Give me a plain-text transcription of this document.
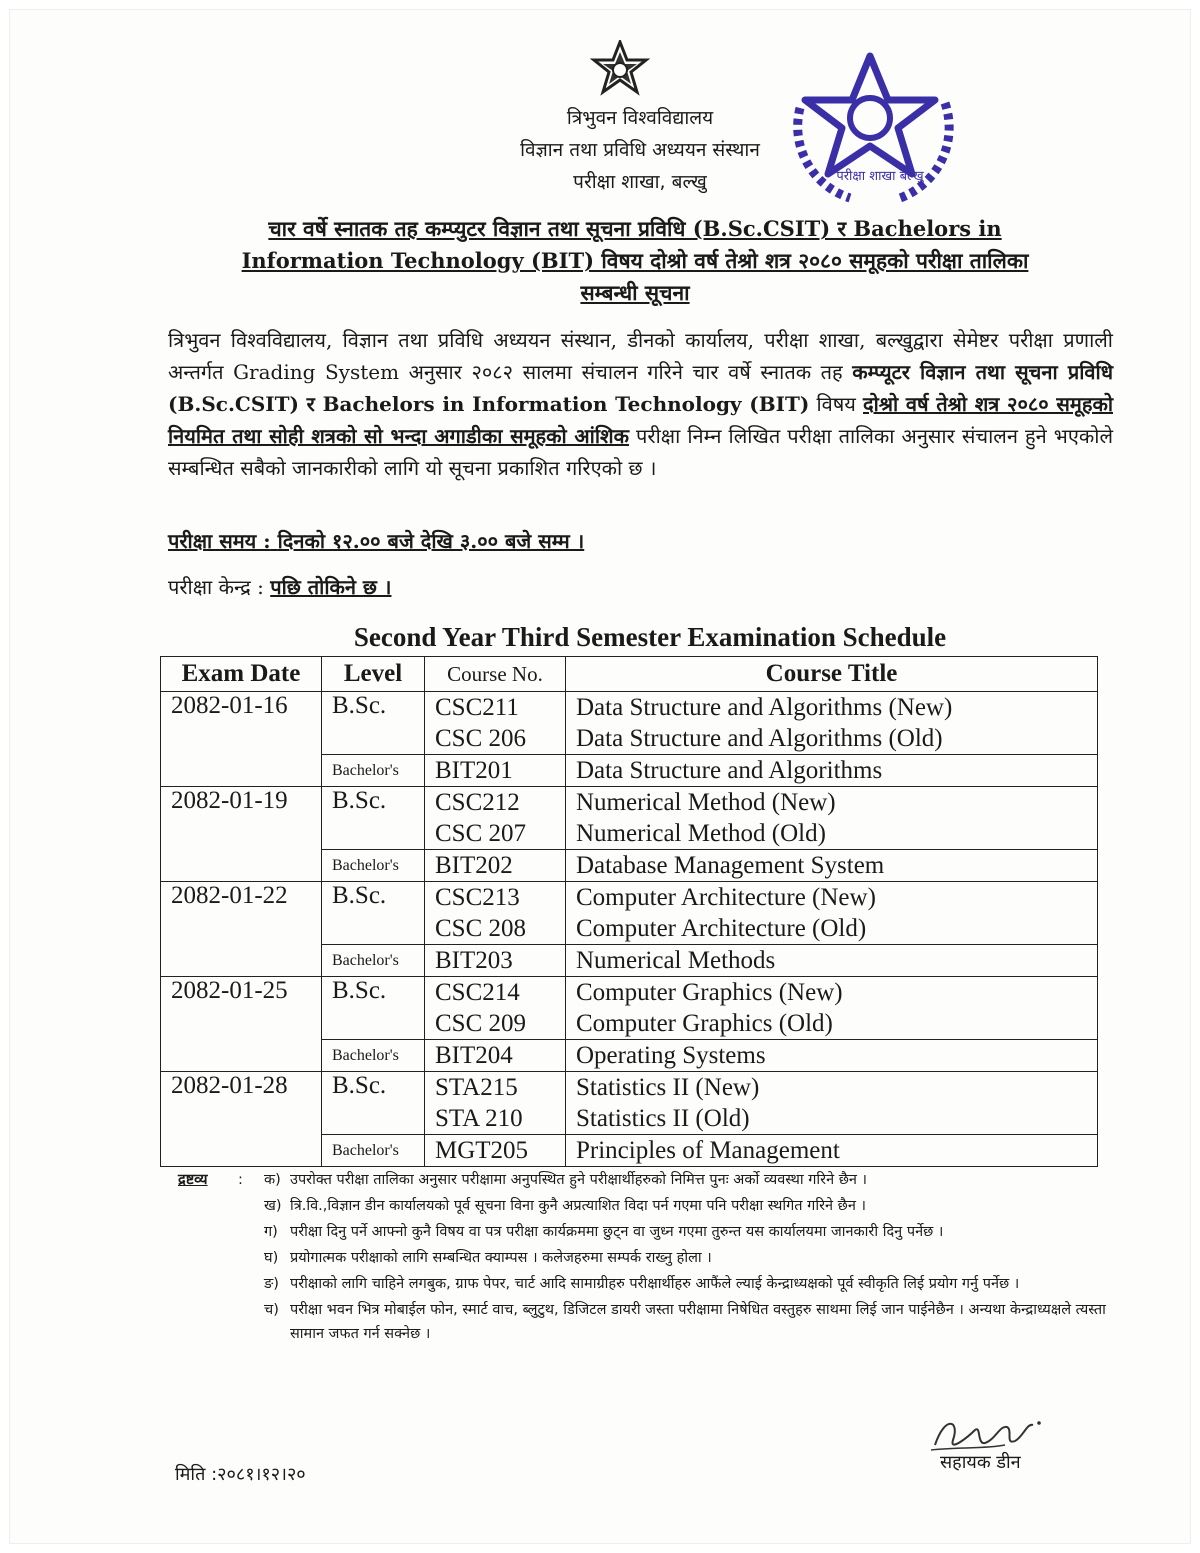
त्रिभुवन विश्वविद्यालय
विज्ञान तथा प्रविधि अध्ययन संस्थान
परीक्षा शाखा, बल्खु	परीक्षा शाखा बल्खु
चार वर्षे स्नातक तह कम्प्युटर विज्ञान तथा सूचना प्रविधि (B.Sc.CSIT) र Bachelors in
Information Technology (BIT) विषय दोश्रो वर्ष तेश्रो शत्र २०८० समूहको परीक्षा तालिका
सम्बन्धी सूचना
त्रिभुवन विश्वविद्यालय, विज्ञान तथा प्रविधि अध्ययन संस्थान, डीनको कार्यालय, परीक्षा शाखा, बल्खुद्वारा सेमेष्टर परीक्षा प्रणाली अन्तर्गत Grading System अनुसार २०८२ सालमा संचालन गरिने चार वर्षे स्नातक तह कम्प्यूटर विज्ञान तथा सूचना प्रविधि (B.Sc.CSIT) र Bachelors in Information Technology (BIT) विषय दोश्रो वर्ष तेश्रो शत्र २०८० समूहको नियमित तथा सोही शत्रको सो भन्दा अगाडीका समूहको आंशिक परीक्षा निम्न लिखित परीक्षा तालिका अनुसार संचालन हुने भएकोले सम्बन्धित सबैको जानकारीको लागि यो सूचना प्रकाशित गरिएको छ ।
परीक्षा समय : दिनको १२.०० बजे देखि ३.०० बजे सम्म ।
परीक्षा केन्द्र : पछि तोकिने छ ।
Second Year Third Semester Examination Schedule
Exam Date	Level	Course No.	Course Title
2082-01-16	B.Sc.	CSC211	Data Structure and Algorithms (New)
		CSC 206	Data Structure and Algorithms (Old)
	Bachelor's	BIT201	Data Structure and Algorithms
2082-01-19	B.Sc.	CSC212	Numerical Method (New)
		CSC 207	Numerical Method (Old)
	Bachelor's	BIT202	Database Management System
2082-01-22	B.Sc.	CSC213	Computer Architecture (New)
		CSC 208	Computer Architecture (Old)
	Bachelor's	BIT203	Numerical Methods
2082-01-25	B.Sc.	CSC214	Computer Graphics (New)
		CSC 209	Computer Graphics (Old)
	Bachelor's	BIT204	Operating Systems
2082-01-28	B.Sc.	STA215	Statistics II (New)
		STA 210	Statistics II (Old)
	Bachelor's	MGT205	Principles of Management
द्रष्टव्य : क) उपरोक्त परीक्षा तालिका अनुसार परीक्षामा अनुपस्थित हुने परीक्षार्थीहरुको निमित्त पुनः अर्को व्यवस्था गरिने छैन ।
ख) त्रि.वि.,विज्ञान डीन कार्यालयको पूर्व सूचना विना कुनै अप्रत्याशित विदा पर्न गएमा पनि परीक्षा स्थगित गरिने छैन ।
ग) परीक्षा दिनु पर्ने आफ्नो कुनै विषय वा पत्र परीक्षा कार्यक्रममा छुट्न वा जुध्न गएमा तुरुन्त यस कार्यालयमा जानकारी दिनु पर्नेछ ।
घ) प्रयोगात्मक परीक्षाको लागि सम्बन्धित क्याम्पस । कलेजहरुमा सम्पर्क राख्नु होला ।
ङ) परीक्षाको लागि चाहिने लगबुक, ग्राफ पेपर, चार्ट आदि सामाग्रीहरु परीक्षार्थीहरु आफैंले ल्याई केन्द्राध्यक्षको पूर्व स्वीकृति लिई प्रयोग गर्नु पर्नेछ ।
च) परीक्षा भवन भित्र मोबाईल फोन, स्मार्ट वाच, ब्लुटुथ, डिजिटल डायरी जस्ता परीक्षामा निषेधित वस्तुहरु साथमा लिई जान पाईनेछैन । अन्यथा केन्द्राध्यक्षले त्यस्ता सामान जफत गर्न सक्नेछ ।
सहायक डीन
मिति :२०८१।१२।२०
